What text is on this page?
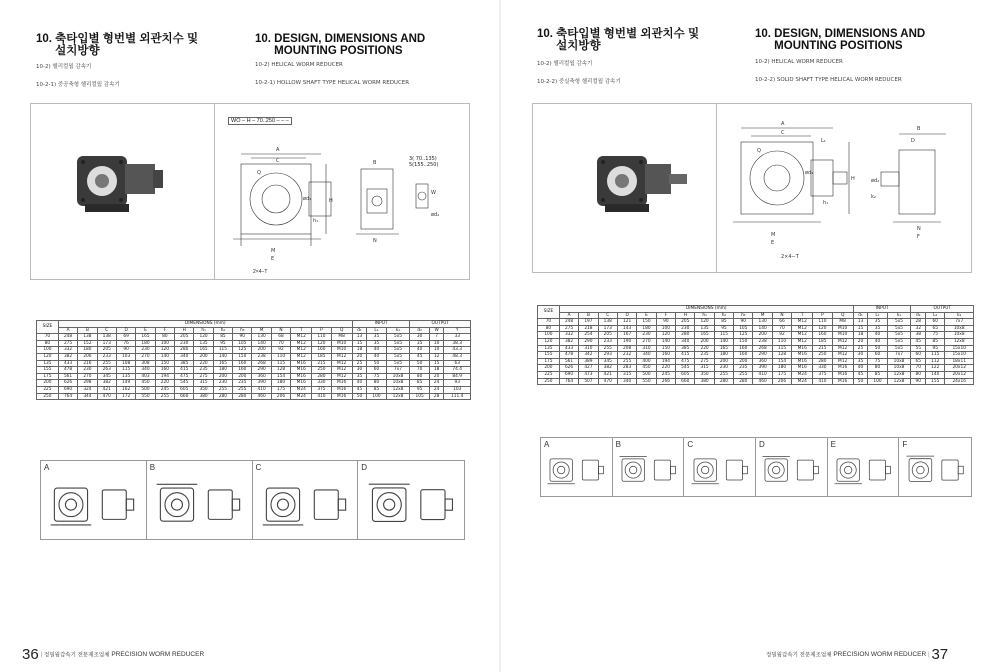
10. 축타입별 형번별 외관치수 및
설치방향
10. DESIGN, DIMENSIONS AND
MOUNTING POSITIONS
10-2) 헬리컬웜 감속기
10-2-1) 중공축형 헬리컬웜 감속기
10-2) HELICAL WORM REDUCER
10-2-1) HOLLOW SHAFT TYPE HELICAL WORM REDUCER
WO – H – 70..250 – – –
A
C
Q
H
h₁
M
E
B
N
W
ød₂
ød₁
3( 70..135)
5(155..250)
2×4−T
SIZE	DIMENSIONS (mm)															INPUT			OUTPUT		
	A	B	C	D	E	F	H	h₁	h₂	h₃	M	N	T	P	Q	d₁	L₁	k₁	d₂	W	Y
70	248	138	138	69	165	80	205	120	85	90	130	68	M12	110	M8	13	35	5x5	30	7	33
80	275	152	173	76	180	100	230	135	95	105	140	70	M12	120	M10	15	35	5x5	35	10	38.3
100	332	180	205	90	230	120	280	165	115	125	200	92	M12	160	M10	18	40	5x5	40	10	43.3
120	382	206	233	103	270	140	340	200	140	150	238	110	M12	185	M12	20	40	5x5	45	12	48.3
135	433	216	255	108	308	150	385	220	165	160	268	115	M16	215	M12	25	50	5x5	50	15	63
155	478	230	263	115	340	160	415	235	180	160	290	128	M16	250	M12	30	60	7x7	70	18	74.4
175	561	270	345	135	403	194	475	275	200	200	360	154	M16	280	M12	35	75	10x8	80	20	84.9
200	626	298	382	149	450	220	545	315	230	235	390	180	M16	330	M16	40	80	10x8	85	24	93
225	690	324	421	162	500	245	605	350	255	255	410	175	M24	375	M16	45	85	12x8	95	24	103
250	764	344	470	172	550	255	660	380	280	280	460	206	M24	410	M16	50	100	12x8	105	28	111.4
A	B	C	D
36 | 정밀웜감속기 전문제조업체 PRECISION WORM REDUCER
10. 축타입별 형번별 외관치수 및
설치방향
10. DESIGN, DIMENSIONS AND
MOUNTING POSITIONS
10-2) 헬리컬웜 감속기
10-2-2) 중실축형 헬리컬웜 감속기
10-2) HELICAL WORM REDUCER
10-2-2) SOLID SHAFT TYPE HELICAL WORM REDUCER
A
C
L₁
Q
H
h₁
ød₁
M
E
B
D
ød₂
k₂
N
F
2×4−T
SIZE	DIMENSIONS (mm)															INPUT			OUTPUT		
	A	B	C	D	E	F	H	h₁	h₂	h₃	M	N	T	P	Q	d₁	L₁	k₁	d₂	L₂	k₂
70	248	197	138	121	150	90	205	120	85	90	130	66	M12	110	M8	13	35	5x5	28	60	7x7
80	275	218	173	143	180	100	230	135	95	105	140	70	M12	120	M10	15	35	5x5	32	65	10x8
100	332	254	205	167	230	120	280	165	115	125	200	92	M12	160	M10	18	40	5x5	38	75	10x8
120	382	290	233	190	270	140	340	200	140	150	238	110	M12	185	M12	20	40	5x5	45	85	12x8
135	433	310	255	208	310	150	385	220	165	160	268	115	M16	215	M12	25	50	5x5	55	95	15x10
155	478	342	293	232	340	160	415	235	180	160	290	128	M16	250	M12	30	60	7x7	60	115	15x10
175	561	389	345	255	400	194	475	275	200	200	360	154	M16	280	M12	35	75	10x8	65	112	18x11
200	626	427	382	283	450	220	545	315	230	235	390	180	M16	330	M16	40	80	10x8	70	122	20x12
225	690	473	421	315	500	245	605	350	255	255	410	175	M24	375	M16	45	85	12x8	80	140	20x12
250	764	507	470	340	550	266	660	380	280	280	460	206	M24	410	M16	50	100	12x8	90	155	24x16
A	B	C	D	E	F
정밀웜감속기 전문제조업체 PRECISION WORM REDUCER | 37
